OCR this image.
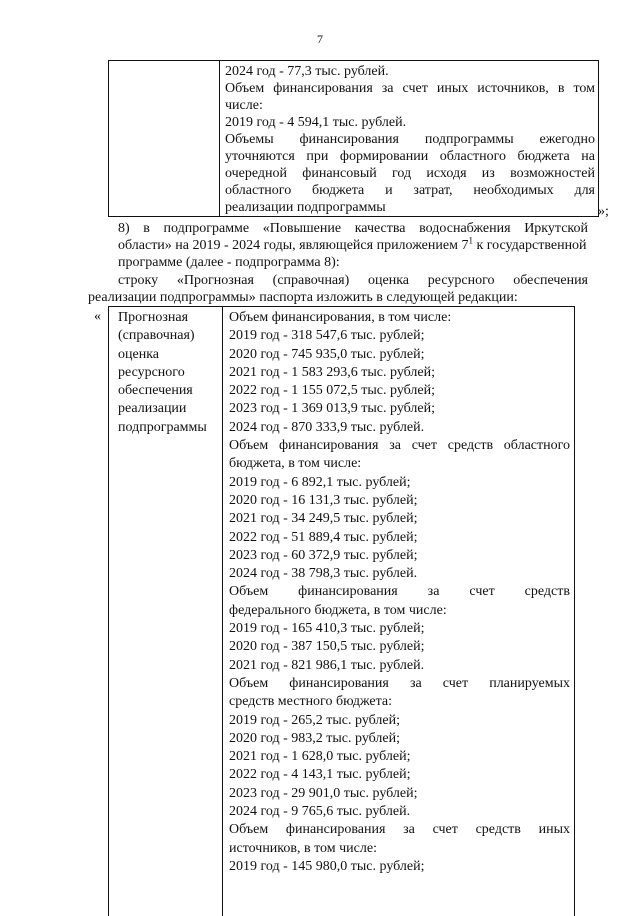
7
2024 год - 77,3 тыс. рублей.
Объем финансирования за счет иных источников, в том
числе:
2019 год - 4 594,1 тыс. рублей.
Объемы финансирования подпрограммы ежегодно
уточняются при формировании областного бюджета на
очередной финансовый год исходя из возможностей
областного бюджета и затрат, необходимых для
реализации подпрограммы	»;
8) в подпрограмме «Повышение качества водоснабжения Иркутской
области» на 2019 - 2024 годы, являющейся приложением $7^1$ к государственной
программе (далее - подпрограмма 8):
строку «Прогнозная (справочная) оценка ресурсного обеспечения
реализации подпрограммы» паспорта изложить в следующей редакции:
« Прогнозная
(справочная)
оценка
ресурсного
обеспечения
реализации
подпрограммы
Объем финансирования, в том числе:
2019 год - 318 547,6 тыс. рублей;
2020 год - 745 935,0 тыс. рублей;
2021 год - 1 583 293,6 тыс. рублей;
2022 год - 1 155 072,5 тыс. рублей;
2023 год - 1 369 013,9 тыс. рублей;
2024 год - 870 333,9 тыс. рублей.
Объем финансирования за счет средств областного
бюджета, в том числе:
2019 год - 6 892,1 тыс. рублей;
2020 год - 16 131,3 тыс. рублей;
2021 год - 34 249,5 тыс. рублей;
2022 год - 51 889,4 тыс. рублей;
2023 год - 60 372,9 тыс. рублей;
2024 год - 38 798,3 тыс. рублей.
Объем финансирования за счет средств
федерального бюджета, в том числе:
2019 год - 165 410,3 тыс. рублей;
2020 год - 387 150,5 тыс. рублей;
2021 год - 821 986,1 тыс. рублей.
Объем финансирования за счет планируемых
средств местного бюджета:
2019 год - 265,2 тыс. рублей;
2020 год - 983,2 тыс. рублей;
2021 год - 1 628,0 тыс. рублей;
2022 год - 4 143,1 тыс. рублей;
2023 год - 29 901,0 тыс. рублей;
2024 год - 9 765,6 тыс. рублей.
Объем финансирования за счет средств иных
источников, в том числе:
2019 год - 145 980,0 тыс. рублей;
